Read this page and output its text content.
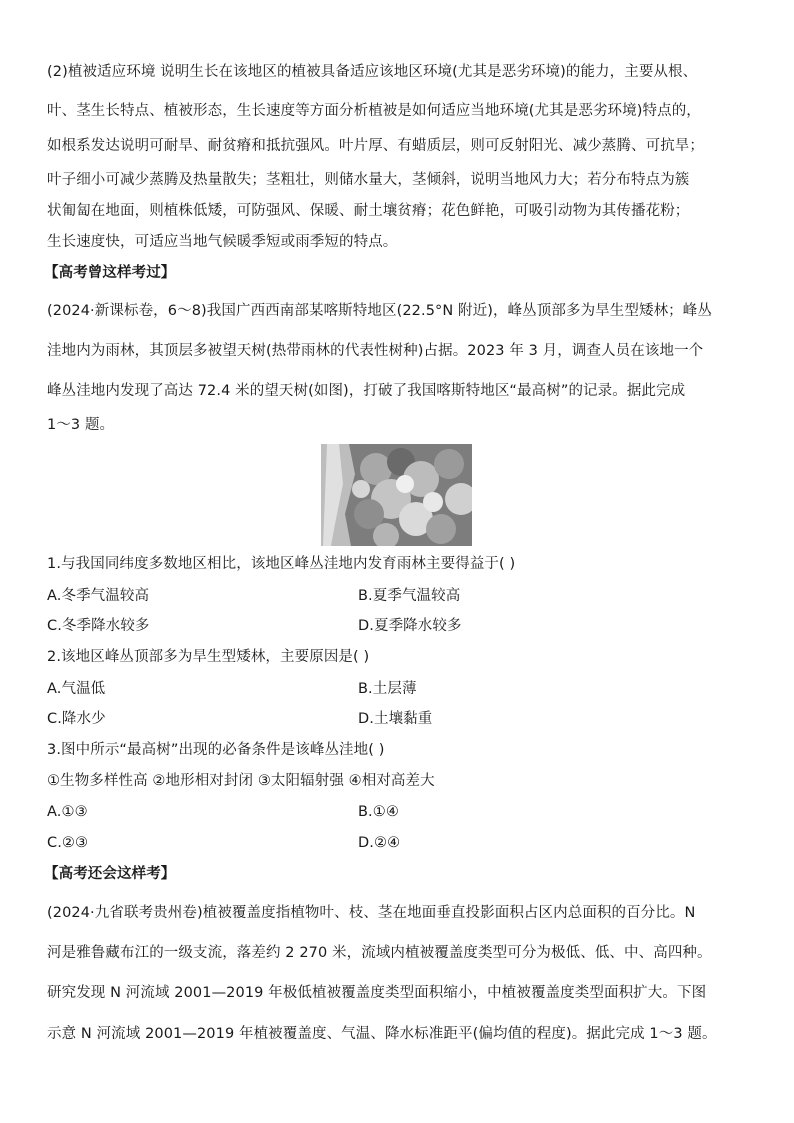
(2)植被适应环境 说明生长在该地区的植被具备适应该地区环境(尤其是恶劣环境)的能力，主要从根、
叶、茎生长特点、植被形态，生长速度等方面分析植被是如何适应当地环境(尤其是恶劣环境)特点的，
如根系发达说明可耐旱、耐贫瘠和抵抗强风。叶片厚、有蜡质层，则可反射阳光、减少蒸腾、可抗旱；
叶子细小可减少蒸腾及热量散失；茎粗壮，则储水量大，茎倾斜，说明当地风力大；若分布特点为簇
状匍匐在地面，则植株低矮，可防强风、保暖、耐土壤贫瘠；花色鲜艳，可吸引动物为其传播花粉；
生长速度快，可适应当地气候暖季短或雨季短的特点。
【高考曾这样考过】
(2024·新课标卷，6～8)我国广西西南部某喀斯特地区(22.5°N 附近)，峰丛顶部多为旱生型矮林；峰丛
洼地内为雨林，其顶层多被望天树(热带雨林的代表性树种)占据。2023 年 3 月，调查人员在该地一个
峰丛洼地内发现了高达 72.4 米的望天树(如图)，打破了我国喀斯特地区“最高树”的记录。据此完成
1～3 题。
1.与我国同纬度多数地区相比，该地区峰丛洼地内发育雨林主要得益于( )
A.冬季气温较高	B.夏季气温较高
C.冬季降水较多	D.夏季降水较多
2.该地区峰丛顶部多为旱生型矮林，主要原因是( )
A.气温低	B.土层薄
C.降水少	D.土壤黏重
3.图中所示“最高树”出现的必备条件是该峰丛洼地( )
①生物多样性高 ②地形相对封闭 ③太阳辐射强 ④相对高差大
A.①③	B.①④
C.②③	D.②④
【高考还会这样考】
(2024·九省联考贵州卷)植被覆盖度指植物叶、枝、茎在地面垂直投影面积占区内总面积的百分比。N
河是雅鲁藏布江的一级支流，落差约 2 270 米，流域内植被覆盖度类型可分为极低、低、中、高四种。
研究发现 N 河流域 2001—2019 年极低植被覆盖度类型面积缩小，中植被覆盖度类型面积扩大。下图
示意 N 河流域 2001—2019 年植被覆盖度、气温、降水标准距平(偏均值的程度)。据此完成 1～3 题。
